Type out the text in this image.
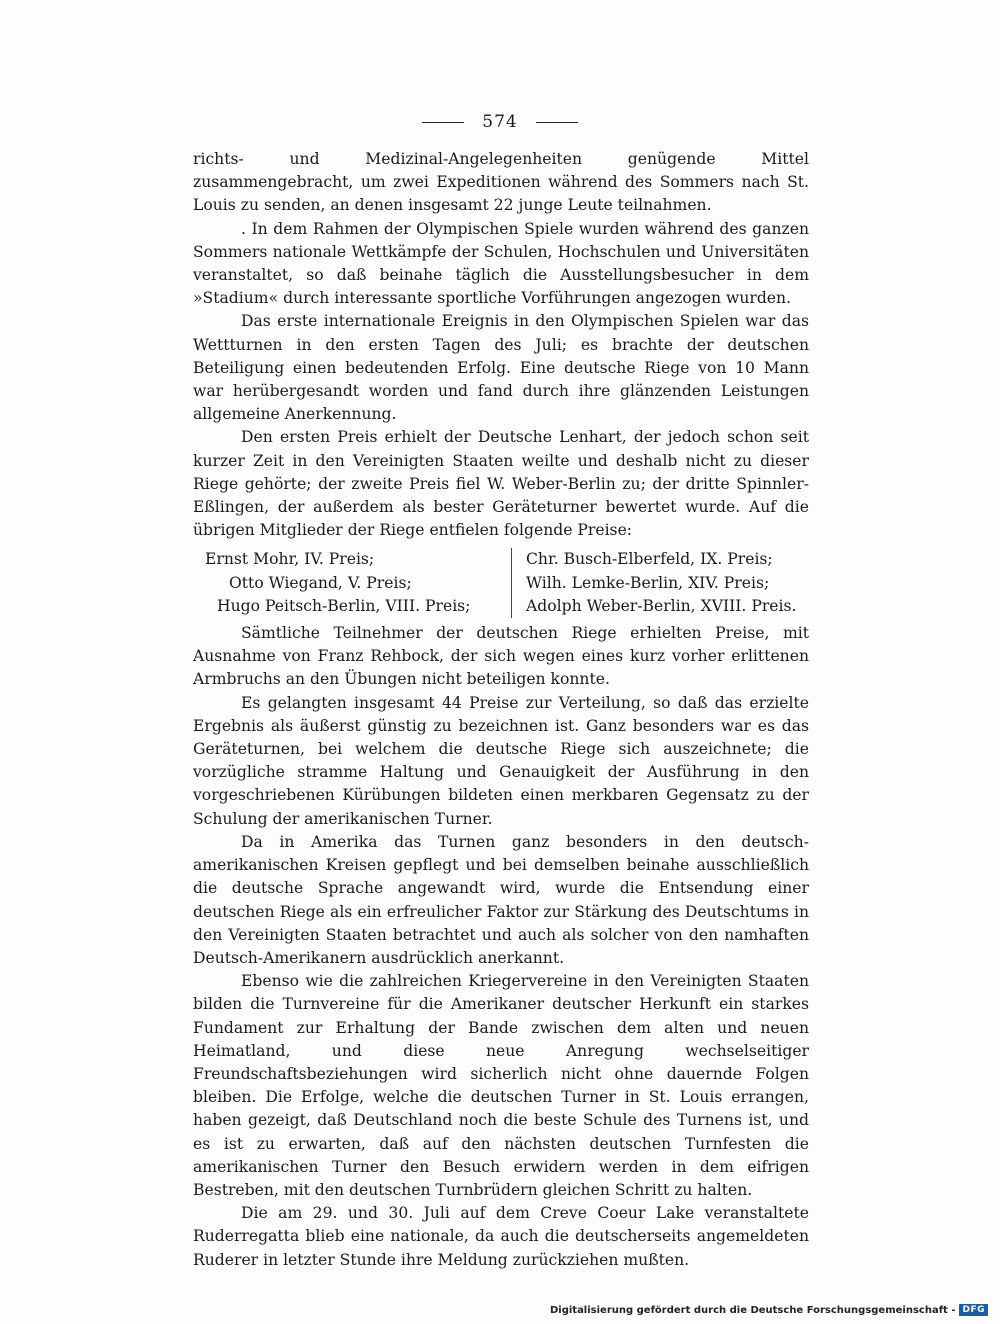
574

richts- und Medizinal-Angelegenheiten genügende Mittel zusammengebracht, um zwei Expeditionen während des Sommers nach St. Louis zu senden, an denen insgesamt 22 junge Leute teilnahmen.

. In dem Rahmen der Olympischen Spiele wurden während des ganzen Sommers nationale Wettkämpfe der Schulen, Hochschulen und Universitäten veranstaltet, so daß beinahe täglich die Ausstellungsbesucher in dem »Stadium« durch interessante sportliche Vorführungen angezogen wurden.

Das erste internationale Ereignis in den Olympischen Spielen war das Wettturnen in den ersten Tagen des Juli; es brachte der deutschen Beteiligung einen bedeutenden Erfolg. Eine deutsche Riege von 10 Mann war herübergesandt worden und fand durch ihre glänzenden Leistungen allgemeine Anerkennung.

Den ersten Preis erhielt der Deutsche Lenhart, der jedoch schon seit kurzer Zeit in den Vereinigten Staaten weilte und deshalb nicht zu dieser Riege gehörte; der zweite Preis fiel W. Weber-Berlin zu; der dritte Spinnler-Eßlingen, der außerdem als bester Geräteturner bewertet wurde. Auf die übrigen Mitglieder der Riege entfielen folgende Preise:

Ernst Mohr, IV. Preis;
Otto Wiegand, V. Preis;
Hugo Peitsch-Berlin, VIII. Preis;
Chr. Busch-Elberfeld, IX. Preis;
Wilh. Lemke-Berlin, XIV. Preis;
Adolph Weber-Berlin, XVIII. Preis.

Sämtliche Teilnehmer der deutschen Riege erhielten Preise, mit Ausnahme von Franz Rehbock, der sich wegen eines kurz vorher erlittenen Armbruchs an den Übungen nicht beteiligen konnte.

Es gelangten insgesamt 44 Preise zur Verteilung, so daß das erzielte Ergebnis als äußerst günstig zu bezeichnen ist. Ganz besonders war es das Geräteturnen, bei welchem die deutsche Riege sich auszeichnete; die vorzügliche stramme Haltung und Genauigkeit der Ausführung in den vorgeschriebenen Kürübungen bildeten einen merkbaren Gegensatz zu der Schulung der amerikanischen Turner.

Da in Amerika das Turnen ganz besonders in den deutsch-amerikanischen Kreisen gepflegt und bei demselben beinahe ausschließlich die deutsche Sprache angewandt wird, wurde die Entsendung einer deutschen Riege als ein erfreulicher Faktor zur Stärkung des Deutschtums in den Vereinigten Staaten betrachtet und auch als solcher von den namhaften Deutsch-Amerikanern ausdrücklich anerkannt.

Ebenso wie die zahlreichen Kriegervereine in den Vereinigten Staaten bilden die Turnvereine für die Amerikaner deutscher Herkunft ein starkes Fundament zur Erhaltung der Bande zwischen dem alten und neuen Heimatland, und diese neue Anregung wechselseitiger Freundschaftsbeziehungen wird sicherlich nicht ohne dauernde Folgen bleiben. Die Erfolge, welche die deutschen Turner in St. Louis errangen, haben gezeigt, daß Deutschland noch die beste Schule des Turnens ist, und es ist zu erwarten, daß auf den nächsten deutschen Turnfesten die amerikanischen Turner den Besuch erwidern werden in dem eifrigen Bestreben, mit den deutschen Turnbrüdern gleichen Schritt zu halten.

Die am 29. und 30. Juli auf dem Creve Coeur Lake veranstaltete Ruderregatta blieb eine nationale, da auch die deutscherseits angemeldeten Ruderer in letzter Stunde ihre Meldung zurückziehen mußten.

Digitalisierung gefördert durch die Deutsche Forschungsgemeinschaft - DFG
